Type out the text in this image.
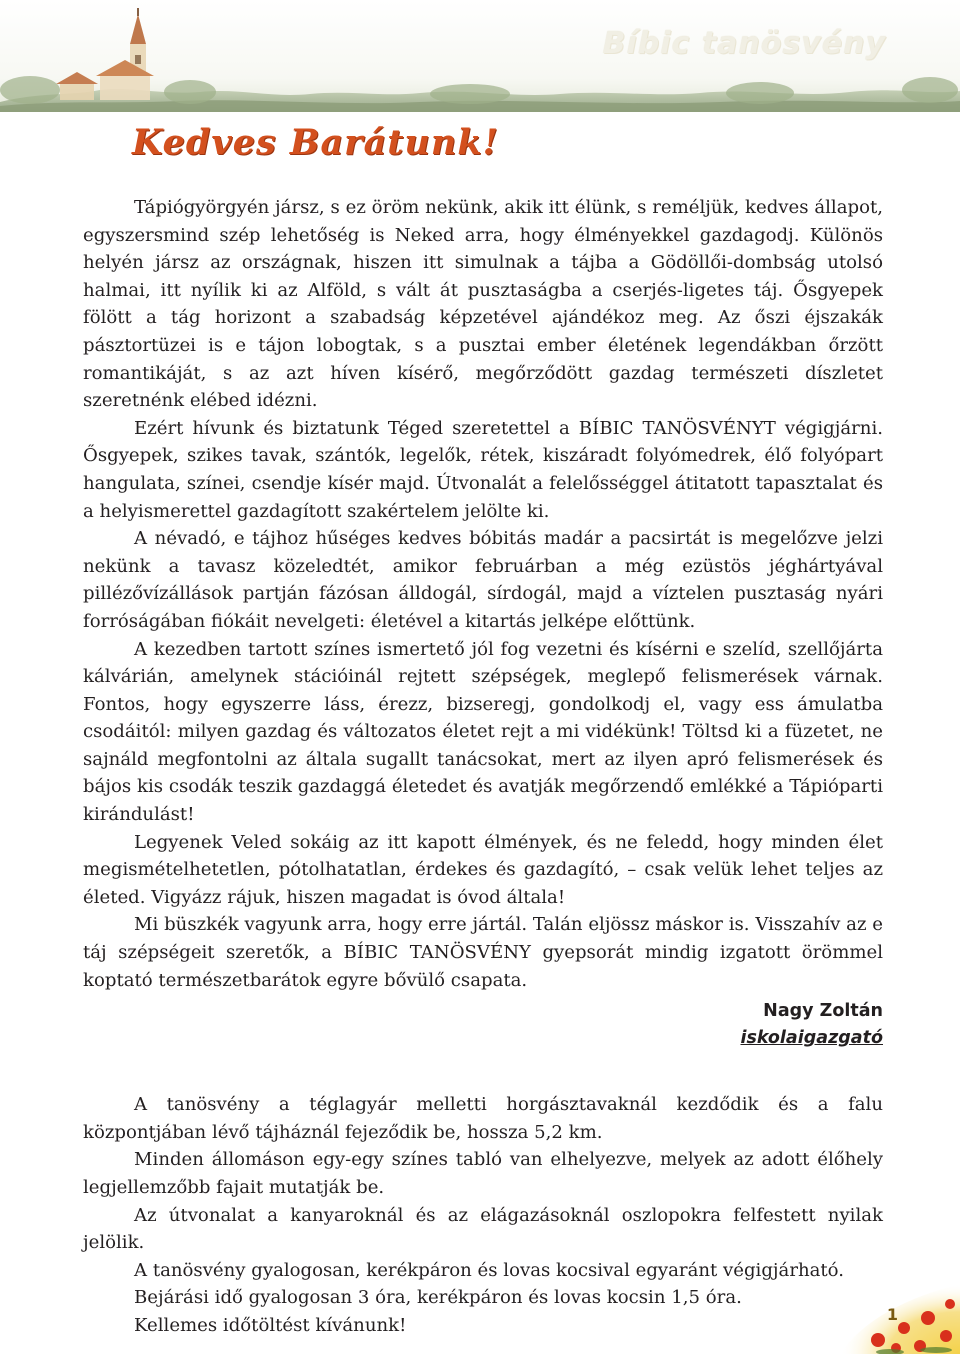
Bíbic tanösvény
Kedves Barátunk!

Tápiógyörgyén jársz, s ez öröm nekünk, akik itt élünk, s reméljük, kedves állapot, egyszersmind szép lehetőség is Neked arra, hogy élményekkel gazdagodj. Különös helyén jársz az országnak, hiszen itt simulnak a tájba a Gödöllői-dombság utolsó halmai, itt nyílik ki az Alföld, s vált át pusztaságba a cserjés-ligetes táj. Ősgyepek fölött a tág horizont a szabadság képzetével ajándékoz meg. Az őszi éjszakák pásztortüzei is e tájon lobogtak, s a pusztai ember életének legendákban őrzött romantikáját, s az azt híven kísérő, megőrződött gazdag természeti díszletet szeretnénk elébed idézni.

Ezért hívunk és biztatunk Téged szeretettel a BÍBIC TANÖSVÉNYT végigjárni. Ősgyepek, szikes tavak, szántók, legelők, rétek, kiszáradt folyómedrek, élő folyópart hangulata, színei, csendje kísér majd. Útvonalát a felelősséggel átitatott tapasztalat és a helyismerettel gazdagított szakértelem jelölte ki.

A névadó, e tájhoz hűséges kedves bóbitás madár a pacsirtát is megelőzve jelzi nekünk a tavasz közeledtét, amikor februárban a még ezüstös jéghártyával pillézővízállások partján fázósan álldogál, sírdogál, majd a víztelen pusztaság nyári forróságában fiókáit nevelgeti: életével a kitartás jelképe előttünk.

A kezedben tartott színes ismertető jól fog vezetni és kísérni e szelíd, szellőjárta kálvárián, amelynek stációinál rejtett szépségek, meglepő felismerések várnak. Fontos, hogy egyszerre láss, érezz, bizseregj, gondolkodj el, vagy ess ámulatba csodáitól: milyen gazdag és változatos életet rejt a mi vidékünk! Töltsd ki a füzetet, ne sajnáld megfontolni az általa sugallt tanácsokat, mert az ilyen apró felismerések és bájos kis csodák teszik gazdaggá életedet és avatják megőrzendő emlékké a Tápióparti kirándulást!

Legyenek Veled sokáig az itt kapott élmények, és ne feledd, hogy minden élet megismételhetetlen, pótolhatatlan, érdekes és gazdagító, – csak velük lehet teljes az életed. Vigyázz rájuk, hiszen magadat is óvod általa!

Mi büszkék vagyunk arra, hogy erre jártál. Talán eljössz máskor is. Visszahív az e táj szépségeit szeretők, a BÍBIC TANÖSVÉNY gyepsorát mindig izgatott örömmel koptató természetbarátok egyre bővülő csapata.

Nagy Zoltán
iskolaigazgató

A tanösvény a téglagyár melletti horgásztavaknál kezdődik és a falu központjában lévő tájháznál fejeződik be, hossza 5,2 km.

Minden állomáson egy-egy színes tabló van elhelyezve, melyek az adott élőhely legjellemzőbb fajait mutatják be.

Az útvonalat a kanyaroknál és az elágazásoknál oszlopokra felfestett nyilak jelölik.

A tanösvény gyalogosan, kerékpáron és lovas kocsival egyaránt végigjárható.

Bejárási idő gyalogosan 3 óra, kerékpáron és lovas kocsin 1,5 óra.

Kellemes időtöltést kívánunk!

1
